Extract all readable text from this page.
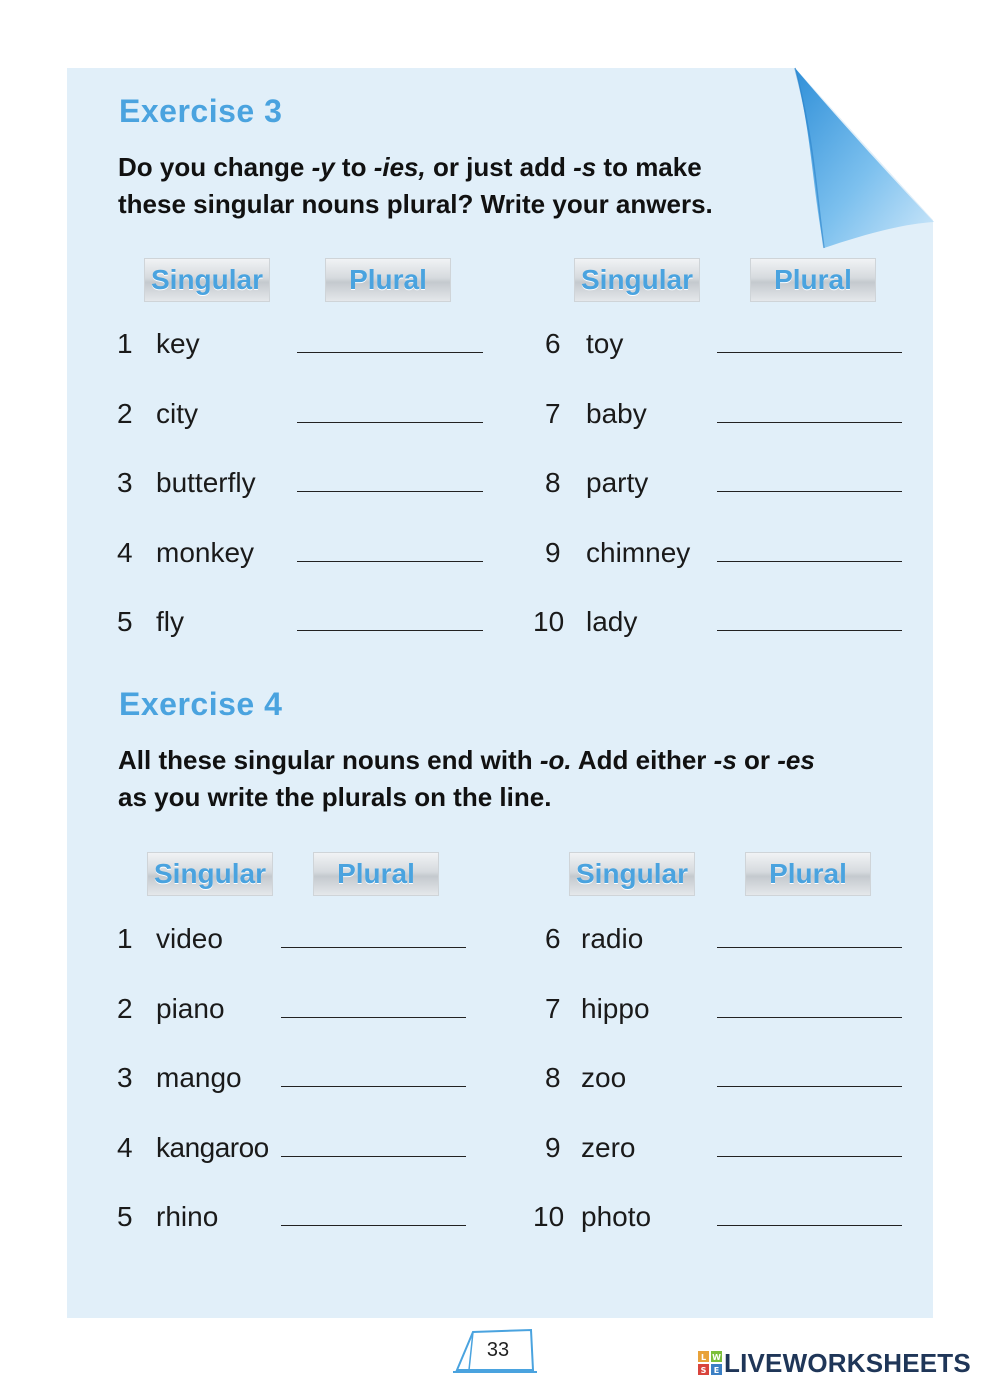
Exercise 3

Do you change -y to -ies, or just add -s to make
these singular nouns plural? Write your anwers.

Singular	Plural	Singular	Plural
1 key
2 city
3 butterfly
4 monkey
5 fly
6 toy
7 baby
8 party
9 chimney
10 lady
Exercise 4

All these singular nouns end with -o. Add either -s or -es
as you write the plurals on the line.

Singular	Plural	Singular	Plural
1 video
2 piano
3 mango
4 kangaroo
5 rhino
6 radio
7 hippo
8 zoo
9 zero
10 photo
33	L W
S E LIVEWORKSHEETS
